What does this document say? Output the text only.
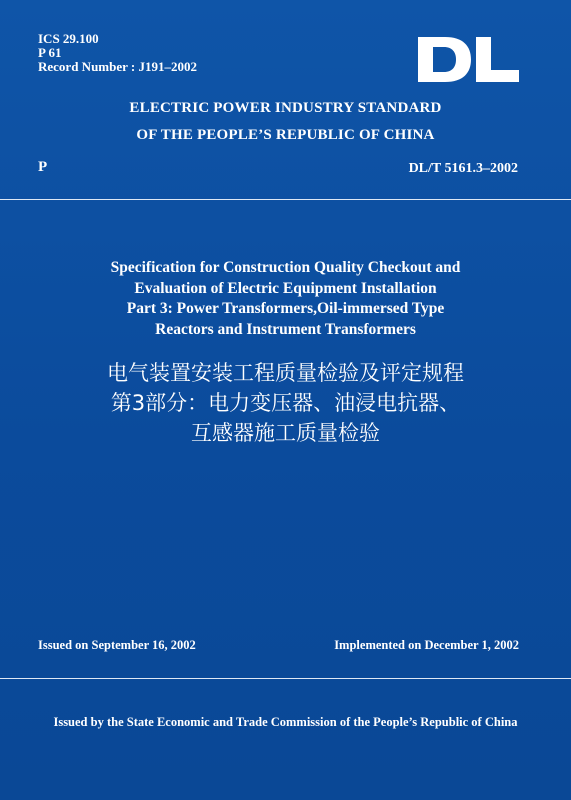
ICS 29.100
P 61
Record Number : J191–2002
ELECTRIC POWER INDUSTRY STANDARD
OF THE PEOPLE’S REPUBLIC OF CHINA
P	DL/T 5161.3–2002
Specification for Construction Quality Checkout and
Evaluation of Electric Equipment Installation
Part 3: Power Transformers,Oil-immersed Type
Reactors and Instrument Transformers
电气装置安装工程质量检验及评定规程
第3部分：电力变压器、油浸电抗器、
互感器施工质量检验
Issued on September 16, 2002	Implemented on December 1, 2002
Issued by the State Economic and Trade Commission of the People’s Republic of China
